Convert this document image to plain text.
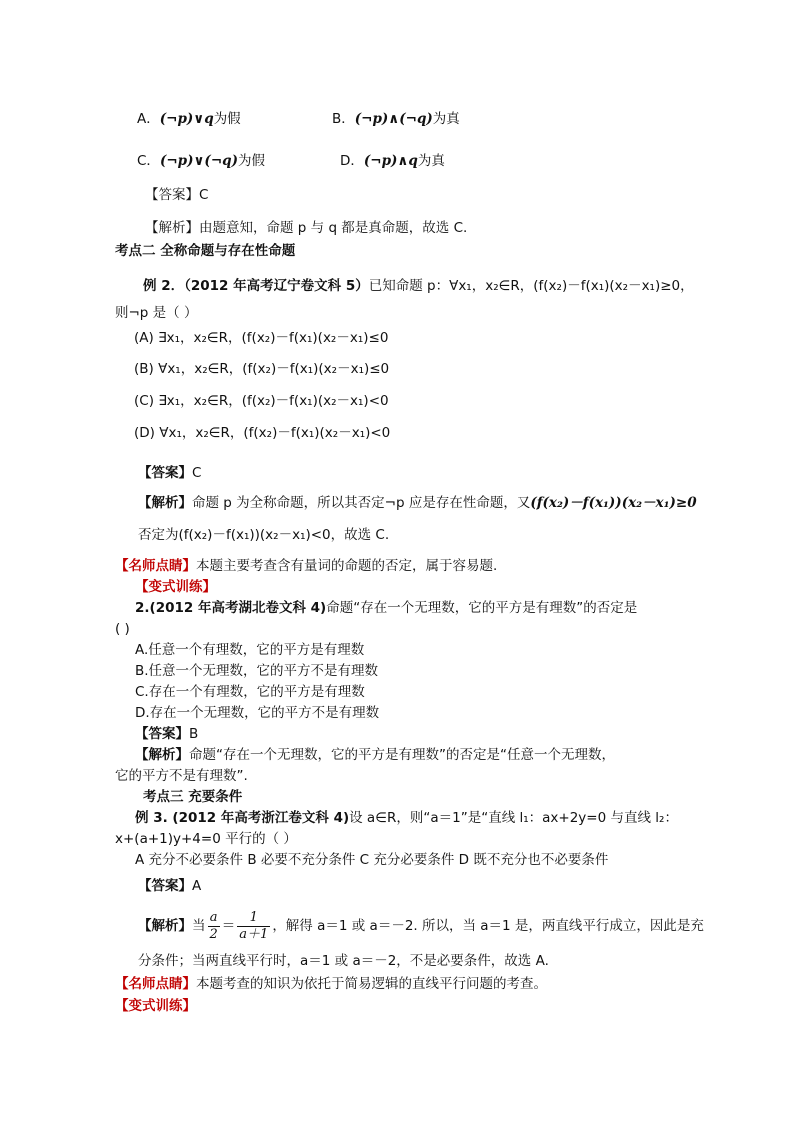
A．(¬p)∨q为假	B．(¬p)∧(¬q)为真
C．(¬p)∨(¬q)为假	D．(¬p)∧q为真
【答案】C
【解析】由题意知，命题 p 与 q 都是真命题，故选 C.
考点二 全称命题与存在性命题
例 2．（2012 年高考辽宁卷文科 5）已知命题 p：∀x₁，x₂∈R，(f(x₂)－f(x₁)(x₂－x₁)≥0，
则¬p 是（ ）
(A) ∃x₁，x₂∈R，(f(x₂)－f(x₁)(x₂－x₁)≤0
(B) ∀x₁，x₂∈R，(f(x₂)－f(x₁)(x₂－x₁)≤0
(C) ∃x₁，x₂∈R，(f(x₂)－f(x₁)(x₂－x₁)<0
(D) ∀x₁，x₂∈R，(f(x₂)－f(x₁)(x₂－x₁)<0
【答案】C
【解析】命题 p 为全称命题，所以其否定¬p 应是存在性命题，又(f(x₂)－f(x₁))(x₂－x₁)≥0
否定为(f(x₂)－f(x₁))(x₂－x₁)<0，故选 C.
【名师点睛】本题主要考查含有量词的命题的否定，属于容易题.
【变式训练】
2.(2012 年高考湖北卷文科 4)命题“存在一个无理数，它的平方是有理数”的否定是
( )
A.任意一个有理数，它的平方是有理数
B.任意一个无理数，它的平方不是有理数
C.存在一个有理数，它的平方是有理数
D.存在一个无理数，它的平方不是有理数
【答案】B
【解析】命题“存在一个无理数，它的平方是有理数”的否定是“任意一个无理数，
它的平方不是有理数”.
考点三 充要条件
例 3. (2012 年高考浙江卷文科 4)设 a∈R，则“a＝1”是“直线 l₁：ax+2y=0 与直线 l₂：
x+(a+1)y+4=0 平行的（ ）
A 充分不必要条件 B 必要不充分条件 C 充分必要条件 D 既不充分也不必要条件
【答案】A
【解析】当 $\frac{a}{2} = \frac{1}{a+1}$ ，解得 a＝1 或 a＝－2. 所以，当 a＝1 是，两直线平行成立，因此是充
分条件；当两直线平行时，a＝1 或 a＝－2，不是必要条件，故选 A.
【名师点睛】本题考查的知识为依托于简易逻辑的直线平行问题的考查。
【变式训练】
